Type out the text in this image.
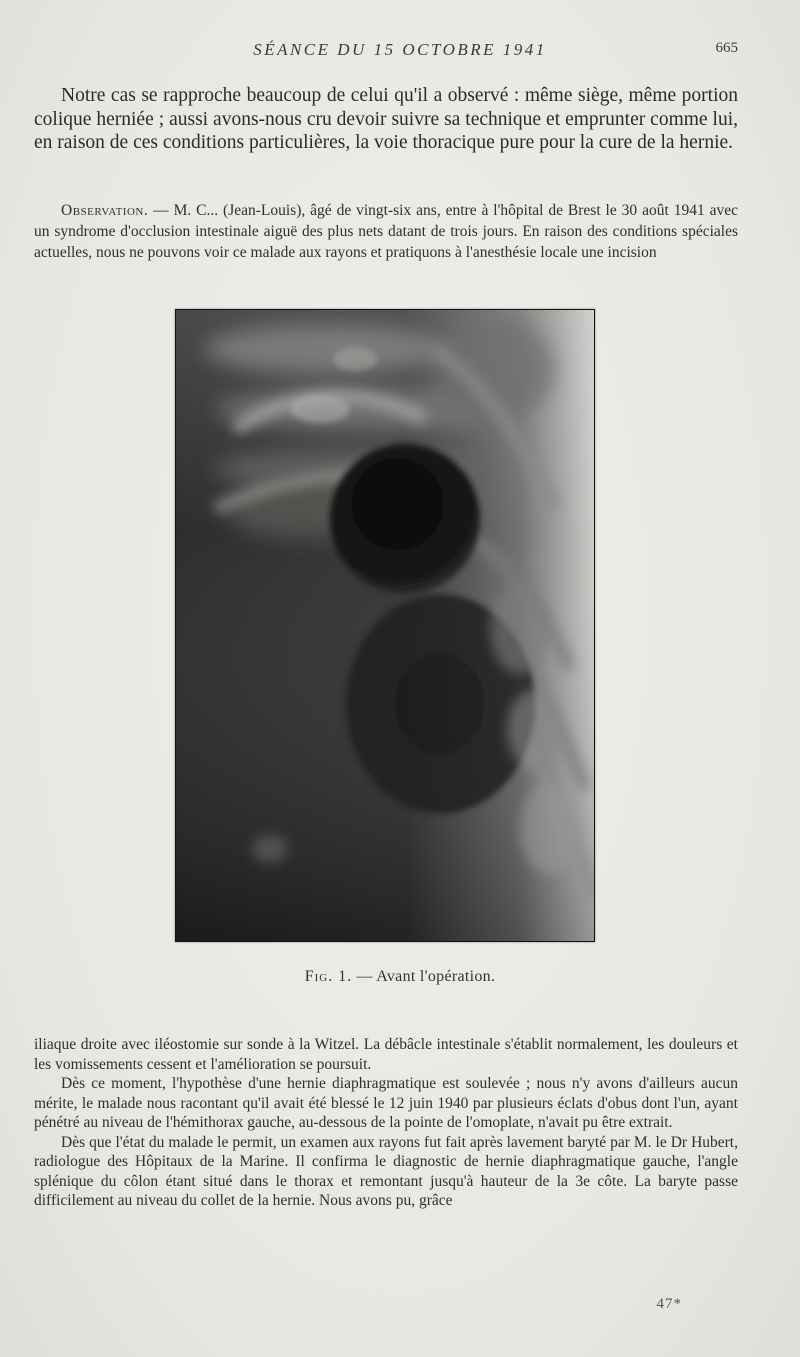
SÉANCE DU 15 OCTOBRE 1941	665

Notre cas se rapproche beaucoup de celui qu'il a observé : même siège, même portion colique herniée ; aussi avons-nous cru devoir suivre sa technique et emprunter comme lui, en raison de ces conditions particulières, la voie thoracique pure pour la cure de la hernie.

Observation. — M. C... (Jean-Louis), âgé de vingt-six ans, entre à l'hôpital de Brest le 30 août 1941 avec un syndrome d'occlusion intestinale aiguë des plus nets datant de trois jours. En raison des conditions spéciales actuelles, nous ne pouvons voir ce malade aux rayons et pratiquons à l'anesthésie locale une incision

Fig. 1. — Avant l'opération.

iliaque droite avec iléostomie sur sonde à la Witzel. La débâcle intestinale s'établit normalement, les douleurs et les vomissements cessent et l'amélioration se poursuit.

Dès ce moment, l'hypothèse d'une hernie diaphragmatique est soulevée ; nous n'y avons d'ailleurs aucun mérite, le malade nous racontant qu'il avait été blessé le 12 juin 1940 par plusieurs éclats d'obus dont l'un, ayant pénétré au niveau de l'hémithorax gauche, au-dessous de la pointe de l'omoplate, n'avait pu être extrait.

Dès que l'état du malade le permit, un examen aux rayons fut fait après lavement baryté par M. le Dr Hubert, radiologue des Hôpitaux de la Marine. Il confirma le diagnostic de hernie diaphragmatique gauche, l'angle splénique du côlon étant situé dans le thorax et remontant jusqu'à hauteur de la 3e côte. La baryte passe difficilement au niveau du collet de la hernie. Nous avons pu, grâce

47*
